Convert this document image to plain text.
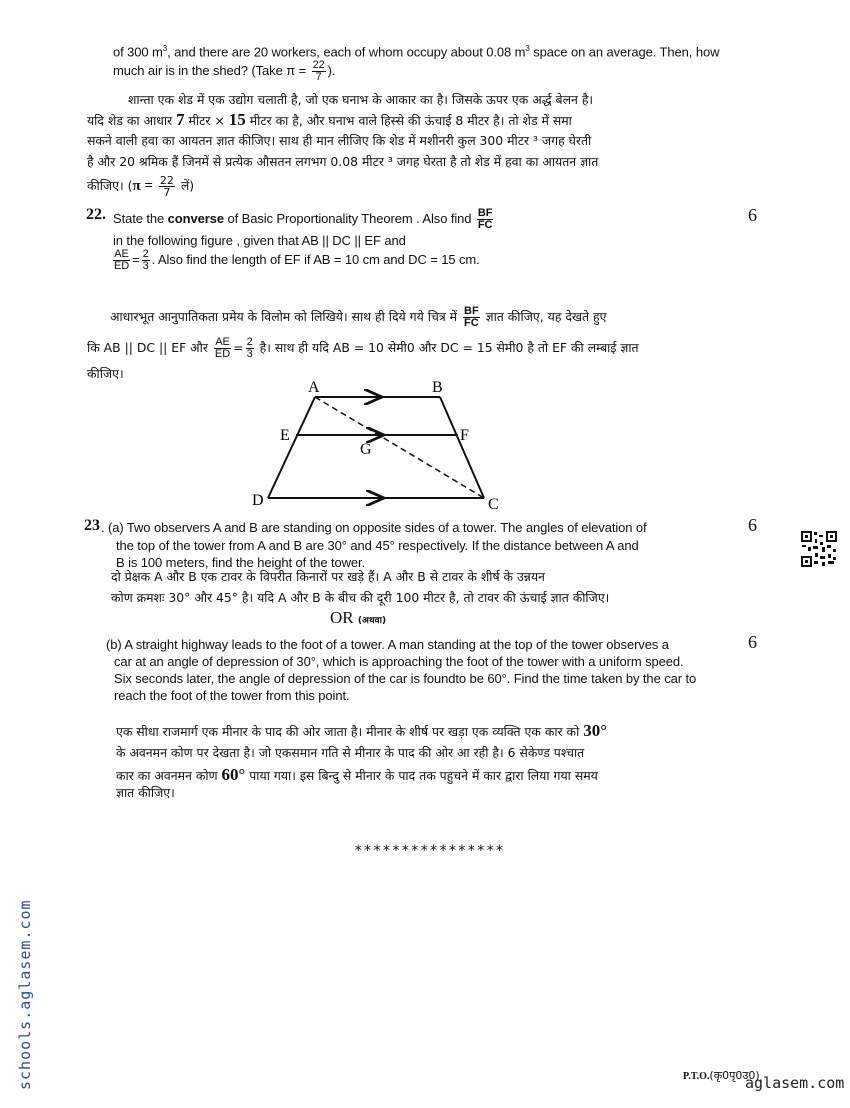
of 300 $m^3$, and there are 20 workers, each of whom occupy about 0.08 $m^3$ space on an average. Then, how
much air is in the shed? (Take $\pi = \frac{22}{7}$ ).
शान्ता एक शेड में एक उद्योग चलाती है, जो एक घनाभ के आकार का है। जिसके ऊपर एक अर्द्ध बेलन है।
यदि शेड का आधार 7 मीटर × 15 मीटर का है, और घनाभ वाले हिस्से की ऊंचाई 8 मीटर है। तो शेड में समा
सकने वाली हवा का आयतन ज्ञात कीजिए। साथ ही मान लीजिए कि शेड में मशीनरी कुल 300 मीटर ³ जगह घेरती
है और 20 श्रमिक हैं जिनमें से प्रत्येक औसतन लगभग 0.08 मीटर ³ जगह घेरता है तो शेड में हवा का आयतन ज्ञात
कीजिए। ($\pi = \frac{22}{7}$ लें)
22.	6
State the converse of Basic Proportionality Theorem . Also find $\frac{BF}{FC}$
in the following figure , given that AB || DC || EF and
$\frac{AE}{ED} = \frac{2}{3}$ . Also find the length of EF if AB = 10 cm and DC = 15 cm.
आधारभूत आनुपातिकता प्रमेय के विलोम को लिखिये। साथ ही दिये गये चित्र में $\frac{BF}{FC}$ ज्ञात कीजिए, यह देखते हुए
कि AB || DC || EF और $\frac{AE}{ED} = \frac{2}{3}$ है। साथ ही यदि AB = 10 सेमी0 और DC = 15 सेमी0 है तो EF की लम्बाई ज्ञात
कीजिए।
A	B
E	F
G
D	C
23	6
. (a) Two observers A and B are standing on opposite sides of a tower. The angles of elevation of
the top of the tower from A and B are 30° and 45° respectively. If the distance between A and
B is 100 meters, find the height of the tower.
दो प्रेक्षक A और B एक टावर के विपरीत किनारों पर खड़े हैं। A और B से टावर के शीर्ष के उन्नयन
कोण क्रमशः 30° और 45° है। यदि A और B के बीच की दूरी 100 मीटर है, तो टावर की ऊंचाई ज्ञात कीजिए।
OR (अथवा)
6
(b) A straight highway leads to the foot of a tower. A man standing at the top of the tower observes a
car at an angle of depression of 30°, which is approaching the foot of the tower with a uniform speed.
Six seconds later, the angle of depression of the car is foundto be 60°. Find the time taken by the car to
reach the foot of the tower from this point.
एक सीधा राजमार्ग एक मीनार के पाद की ओर जाता है। मीनार के शीर्ष पर खड़ा एक व्यक्ति एक कार को 30°
के अवनमन कोण पर देखता है। जो एकसमान गति से मीनार के पाद की ओर आ रही है। 6 सेकेण्ड पश्चात
कार का अवनमन कोण 60° पाया गया। इस बिन्दु से मीनार के पाद तक पहुचने में कार द्वारा लिया गया समय
ज्ञात कीजिए।
****************
schools.aglasem.com	P.T.O.(कृ0पृ0उ0)
aglasem.com
